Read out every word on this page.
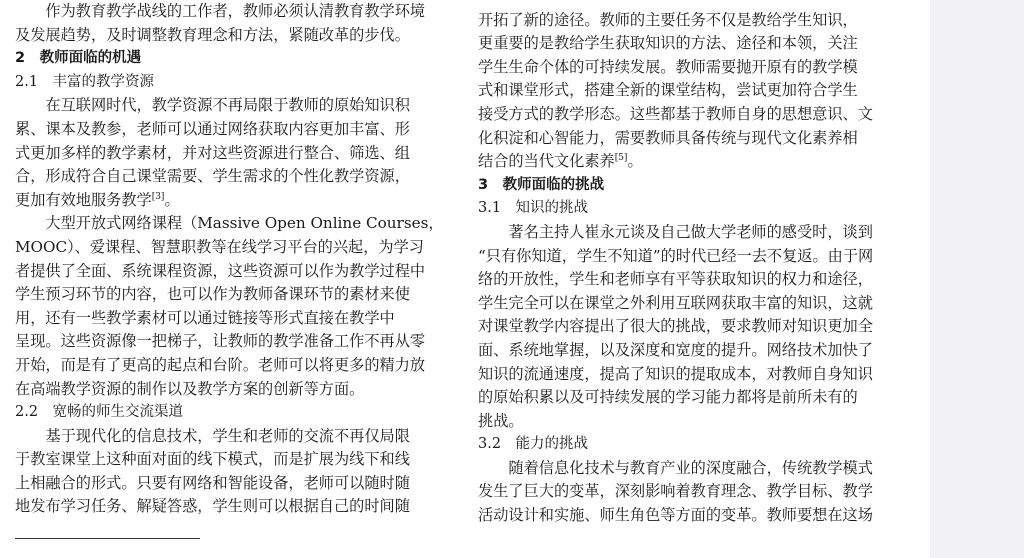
　　作为教育教学战线的工作者，教师必须认清教育教学环境
及发展趋势，及时调整教育理念和方法，紧随改革的步伐。
2　教师面临的机遇
2.1　丰富的教学资源
　　在互联网时代，教学资源不再局限于教师的原始知识积
累、课本及教参，老师可以通过网络获取内容更加丰富、形
式更加多样的教学素材，并对这些资源进行整合、筛选、组
合，形成符合自己课堂需要、学生需求的个性化教学资源，
更加有效地服务教学[3]。
　　大型开放式网络课程（Massive Open Online Courses，
MOOC）、爱课程、智慧职教等在线学习平台的兴起，为学习
者提供了全面、系统课程资源，这些资源可以作为教学过程中
学生预习环节的内容，也可以作为教师备课环节的素材来使
用，还有一些教学素材可以通过链接等形式直接在教学中
呈现。这些资源像一把梯子，让教师的教学准备工作不再从零
开始，而是有了更高的起点和台阶。老师可以将更多的精力放
在高端教学资源的制作以及教学方案的创新等方面。
2.2　宽畅的师生交流渠道
　　基于现代化的信息技术，学生和老师的交流不再仅局限
于教室课堂上这种面对面的线下模式，而是扩展为线下和线
上相融合的形式。只要有网络和智能设备，老师可以随时随
地发布学习任务、解疑答惑，学生则可以根据自己的时间随
开拓了新的途径。教师的主要任务不仅是教给学生知识，
更重要的是教给学生获取知识的方法、途径和本领，关注
学生生命个体的可持续发展。教师需要抛开原有的教学模
式和课堂形式，搭建全新的课堂结构，尝试更加符合学生
接受方式的教学形态。这些都基于教师自身的思想意识、文
化积淀和心智能力，需要教师具备传统与现代文化素养相
结合的当代文化素养[5]。
3　教师面临的挑战
3.1　知识的挑战
　　著名主持人崔永元谈及自己做大学老师的感受时，谈到
“只有你知道，学生不知道”的时代已经一去不复返。由于网
络的开放性，学生和老师享有平等获取知识的权力和途径，
学生完全可以在课堂之外利用互联网获取丰富的知识，这就
对课堂教学内容提出了很大的挑战，要求教师对知识更加全
面、系统地掌握，以及深度和宽度的提升。网络技术加快了
知识的流通速度，提高了知识的提取成本，对教师自身知识
的原始积累以及可持续发展的学习能力都将是前所未有的
挑战。
3.2　能力的挑战
　　随着信息化技术与教育产业的深度融合，传统教学模式
发生了巨大的变革，深刻影响着教育理念、教学目标、教学
活动设计和实施、师生角色等方面的变革。教师要想在这场
